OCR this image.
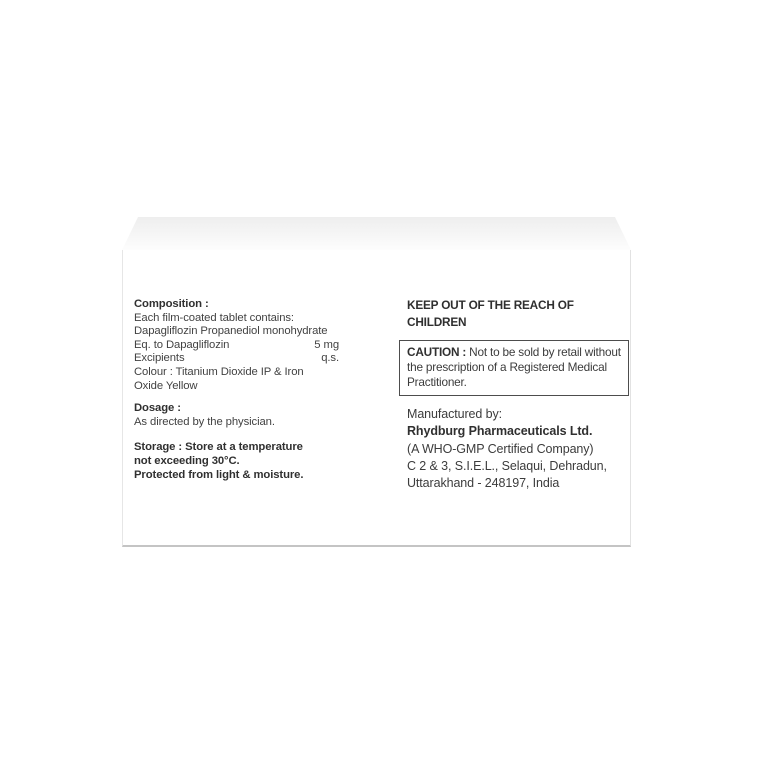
Composition :
Each film-coated tablet contains:
Dapagliflozin Propanediol monohydrate
Eq. to Dapagliflozin	5 mg
Excipients	q.s.
Colour : Titanium Dioxide IP & Iron
Oxide Yellow
Dosage :
As directed by the physician.
Storage : Store at a temperature
not exceeding 30°C.
Protected from light & moisture.
KEEP OUT OF THE REACH OF
CHILDREN
CAUTION : Not to be sold by retail without the prescription of a Registered Medical Practitioner.
Manufactured by:
Rhydburg Pharmaceuticals Ltd.
(A WHO-GMP Certified Company)
C 2 & 3, S.I.E.L., Selaqui, Dehradun,
Uttarakhand - 248197, India
